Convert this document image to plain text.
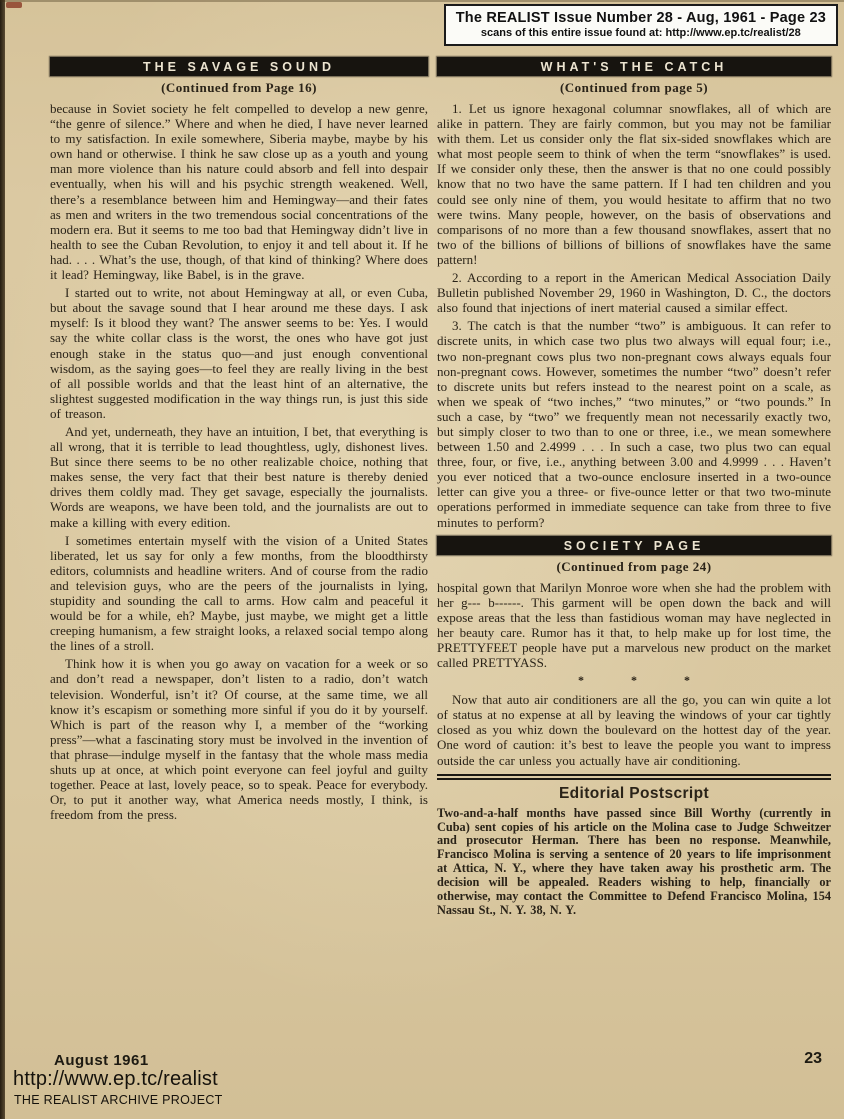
The REALIST Issue Number 28 - Aug, 1961 - Page 23
scans of this entire issue found at: http://www.ep.tc/realist/28
THE SAVAGE SOUND
(Continued from Page 16)

because in Soviet society he felt compelled to develop a new genre, “the genre of silence.” Where and when he died, I have never learned to my satisfaction. In exile somewhere, Siberia maybe, maybe by his own hand or otherwise. I think he saw close up as a youth and young man more violence than his nature could absorb and fell into despair eventually, when his will and his psychic strength weakened. Well, there’s a resemblance between him and Hemingway—and their fates as men and writers in the two tremendous social concentrations of the modern era. But it seems to me too bad that Hemingway didn’t live in health to see the Cuban Revolution, to enjoy it and tell about it. If he had. . . . What’s the use, though, of that kind of thinking? Where does it lead? Hemingway, like Babel, is in the grave.

I started out to write, not about Hemingway at all, or even Cuba, but about the savage sound that I hear around me these days. I ask myself: Is it blood they want? The answer seems to be: Yes. I would say the white collar class is the worst, the ones who have got just enough stake in the status quo—and just enough conventional wisdom, as the saying goes—to feel they are really living in the best of all possible worlds and that the least hint of an alternative, the slightest suggested modification in the way things run, is just this side of treason.

And yet, underneath, they have an intuition, I bet, that everything is all wrong, that it is terrible to lead thoughtless, ugly, dishonest lives. But since there seems to be no other realizable choice, nothing that makes sense, the very fact that their best nature is thereby denied drives them coldly mad. They get savage, especially the journalists. Words are weapons, we have been told, and the journalists are out to make a killing with every edition.

I sometimes entertain myself with the vision of a United States liberated, let us say for only a few months, from the bloodthirsty editors, columnists and headline writers. And of course from the radio and television guys, who are the peers of the journalists in lying, stupidity and sounding the call to arms. How calm and peaceful it would be for a while, eh? Maybe, just maybe, we might get a little creeping humanism, a few straight looks, a relaxed social tempo along the lines of a stroll.

Think how it is when you go away on vacation for a week or so and don’t read a newspaper, don’t listen to a radio, don’t watch television. Wonderful, isn’t it? Of course, at the same time, we all know it’s escapism or something more sinful if you do it by yourself. Which is part of the reason why I, a member of the “working press”—what a fascinating story must be involved in the invention of that phrase—indulge myself in the fantasy that the whole mass media shuts up at once, at which point everyone can feel joyful and guilty together. Peace at last, lovely peace, so to speak. Peace for everybody. Or, to put it another way, what America needs mostly, I think, is freedom from the press.

WHAT'S THE CATCH
(Continued from page 5)

1. Let us ignore hexagonal columnar snowflakes, all of which are alike in pattern. They are fairly common, but you may not be familiar with them. Let us consider only the flat six-sided snowflakes which are what most people seem to think of when the term “snowflakes” is used. If we consider only these, then the answer is that no one could possibly know that no two have the same pattern. If I had ten children and you could see only nine of them, you would hesitate to affirm that no two were twins. Many people, however, on the basis of observations and comparisons of no more than a few thousand snowflakes, assert that no two of the billions of billions of billions of snowflakes have the same pattern!

2. According to a report in the American Medical Association Daily Bulletin published November 29, 1960 in Washington, D. C., the doctors also found that injections of inert material caused a similar effect.

3. The catch is that the number “two” is ambiguous. It can refer to discrete units, in which case two plus two always will equal four; i.e., two non-pregnant cows plus two non-pregnant cows always equals four non-pregnant cows. However, sometimes the number “two” doesn’t refer to discrete units but refers instead to the nearest point on a scale, as when we speak of “two inches,” “two minutes,” or “two pounds.” In such a case, by “two” we frequently mean not necessarily exactly two, but simply closer to two than to one or three, i.e., we mean somewhere between 1.50 and 2.4999 . . . In such a case, two plus two can equal three, four, or five, i.e., anything between 3.00 and 4.9999 . . . Haven’t you ever noticed that a two-ounce enclosure inserted in a two-ounce letter can give you a three- or five-ounce letter or that two two-minute operations performed in immediate sequence can take from three to five minutes to perform?

SOCIETY PAGE
(Continued from page 24)

hospital gown that Marilyn Monroe wore when she had the problem with her g--- b------. This garment will be open down the back and will expose areas that the less than fastidious woman may have neglected in her beauty care. Rumor has it that, to help make up for lost time, the PRETTYFEET people have put a marvelous new product on the market called PRETTYASS.

* * *

Now that auto air conditioners are all the go, you can win quite a lot of status at no expense at all by leaving the windows of your car tightly closed as you whiz down the boulevard on the hottest day of the year. One word of caution: it’s best to leave the people you want to impress outside the car unless you actually have air conditioning.

Editorial Postscript

Two-and-a-half months have passed since Bill Worthy (currently in Cuba) sent copies of his article on the Molina case to Judge Schweitzer and prosecutor Herman. There has been no response. Meanwhile, Francisco Molina is serving a sentence of 20 years to life imprisonment at Attica, N. Y., where they have taken away his prosthetic arm. The decision will be appealed. Readers wishing to help, financially or otherwise, may contact the Committee to Defend Francisco Molina, 154 Nassau St., N. Y. 38, N. Y.

August 1961	23
http://www.ep.tc/realist
THE REALIST ARCHIVE PROJECT
